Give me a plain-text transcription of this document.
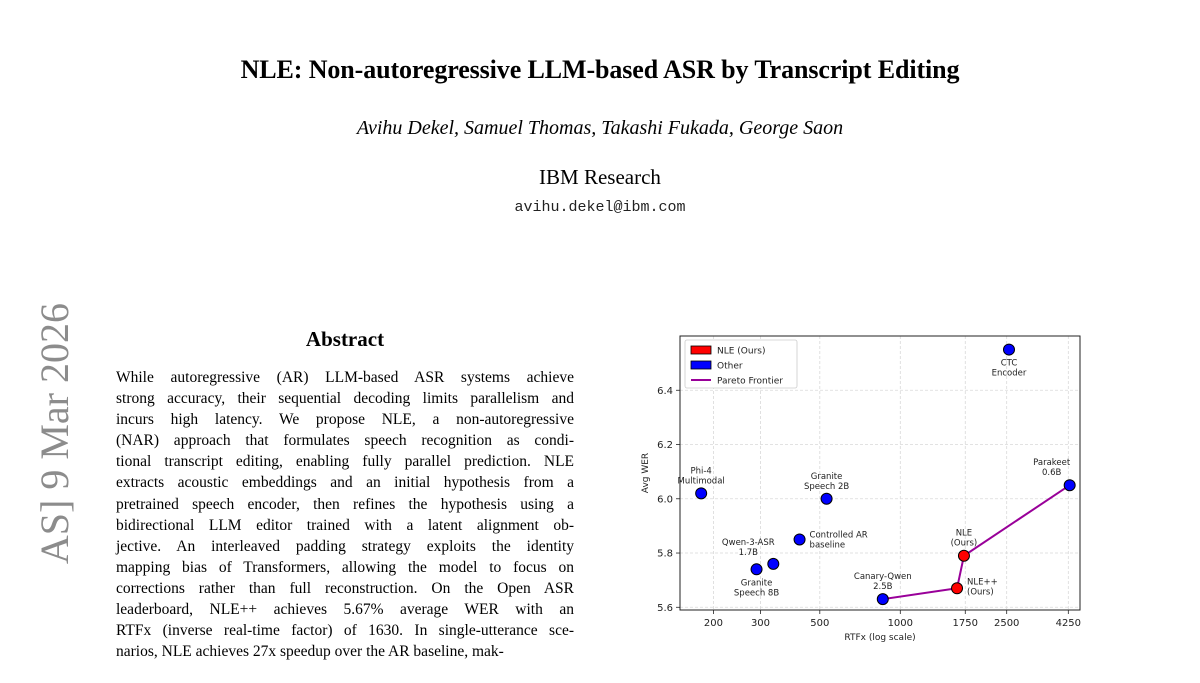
NLE: Non-autoregressive LLM-based ASR by Transcript Editing
Avihu Dekel, Samuel Thomas, Takashi Fukada, George Saon
IBM Research
avihu.dekel@ibm.com
AS] 9 Mar 2026	Abstract
While autoregressive (AR) LLM-based ASR systems achieve
strong accuracy, their sequential decoding limits parallelism and
incurs high latency. We propose NLE, a non-autoregressive
(NAR) approach that formulates speech recognition as condi-
tional transcript editing, enabling fully parallel prediction. NLE
extracts acoustic embeddings and an initial hypothesis from a
pretrained speech encoder, then refines the hypothesis using a
bidirectional LLM editor trained with a latent alignment ob-
jective. An interleaved padding strategy exploits the identity
mapping bias of Transformers, allowing the model to focus on
corrections rather than full reconstruction. On the Open ASR
leaderboard, NLE++ achieves 5.67% average WER with an
RTFx (inverse real-time factor) of 1630. In single-utterance sce-
narios, NLE achieves 27x speedup over the AR baseline, mak-
200	300	500	1000	1750 2500	4250
5.6
5.8
6.0
6.2
6.4
RTFx (log scale)
Avg WER	Phi-4
Multimodal	Granite
Speech 2B
CTC
Encoder
Parakeet
0.6B
Qwen-3-ASR
1.7B
Granite
Speech 8B
Controlled AR
baseline
Canary-Qwen
2.5B
NLE
(Ours)
NLE++
(Ours)
NLE (Ours)
Other
Pareto Frontier
